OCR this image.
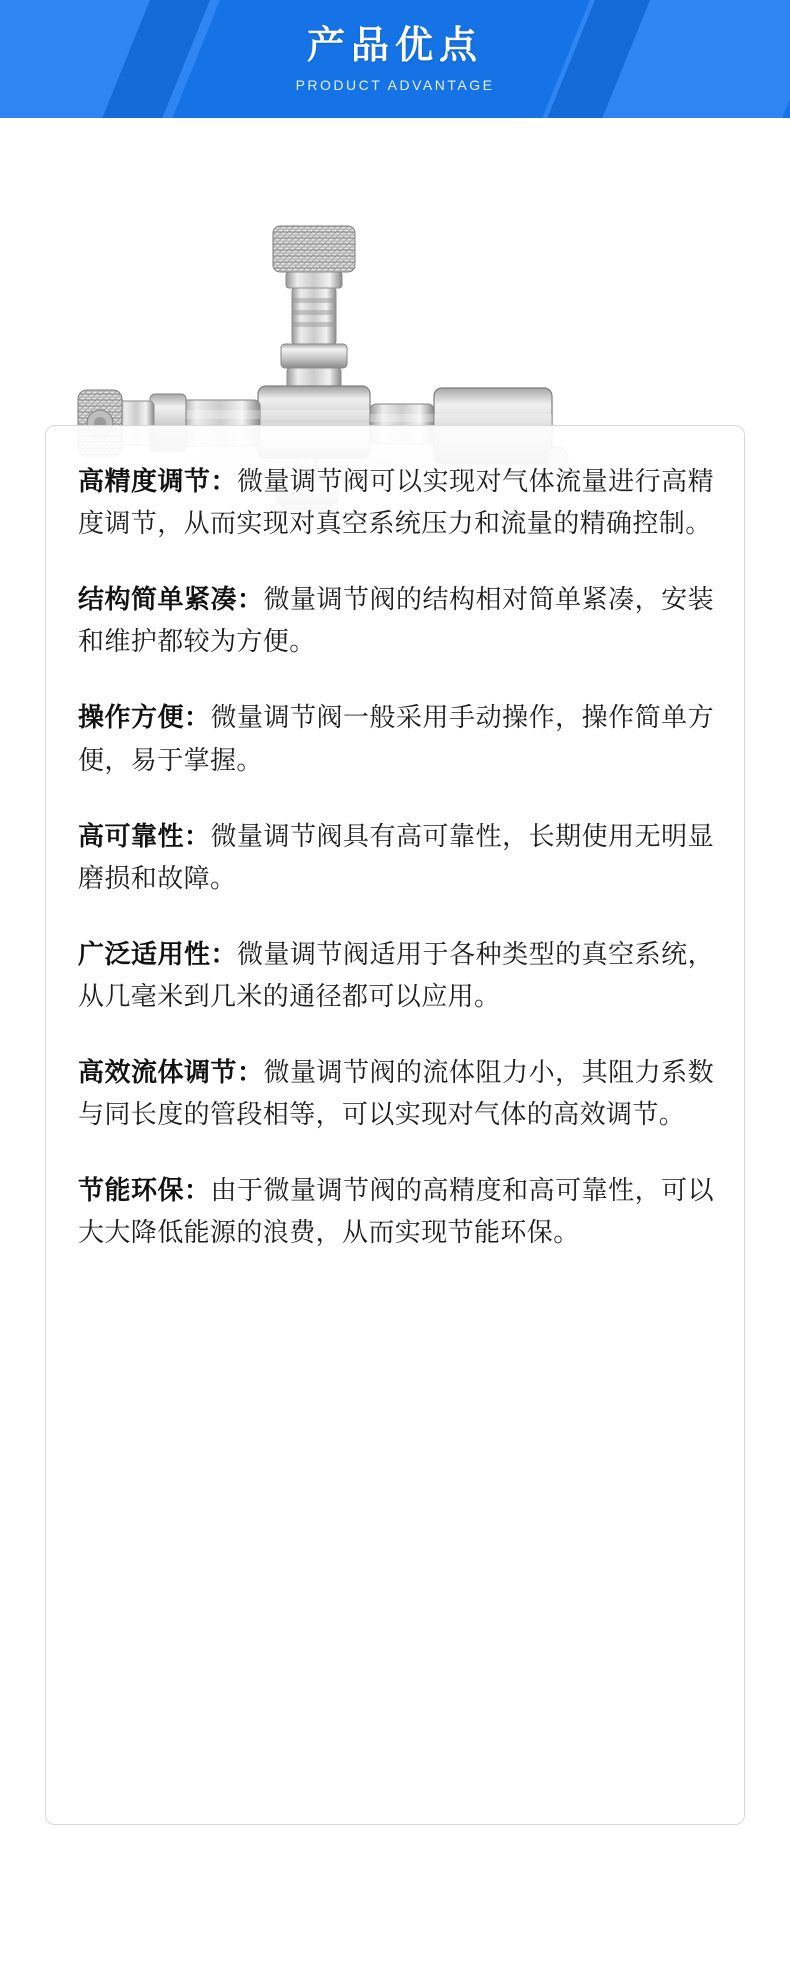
产品优点
PRODUCT ADVANTAGE

高精度调节：微量调节阀可以实现对气体流量进行高精度调节，从而实现对真空系统压力和流量的精确控制。

结构简单紧凑：微量调节阀的结构相对简单紧凑，安装和维护都较为方便。

操作方便：微量调节阀一般采用手动操作，操作简单方便，易于掌握。

高可靠性：微量调节阀具有高可靠性，长期使用无明显磨损和故障。

广泛适用性：微量调节阀适用于各种类型的真空系统，从几毫米到几米的通径都可以应用。

高效流体调节：微量调节阀的流体阻力小，其阻力系数与同长度的管段相等，可以实现对气体的高效调节。

节能环保：由于微量调节阀的高精度和高可靠性，可以大大降低能源的浪费，从而实现节能环保。
